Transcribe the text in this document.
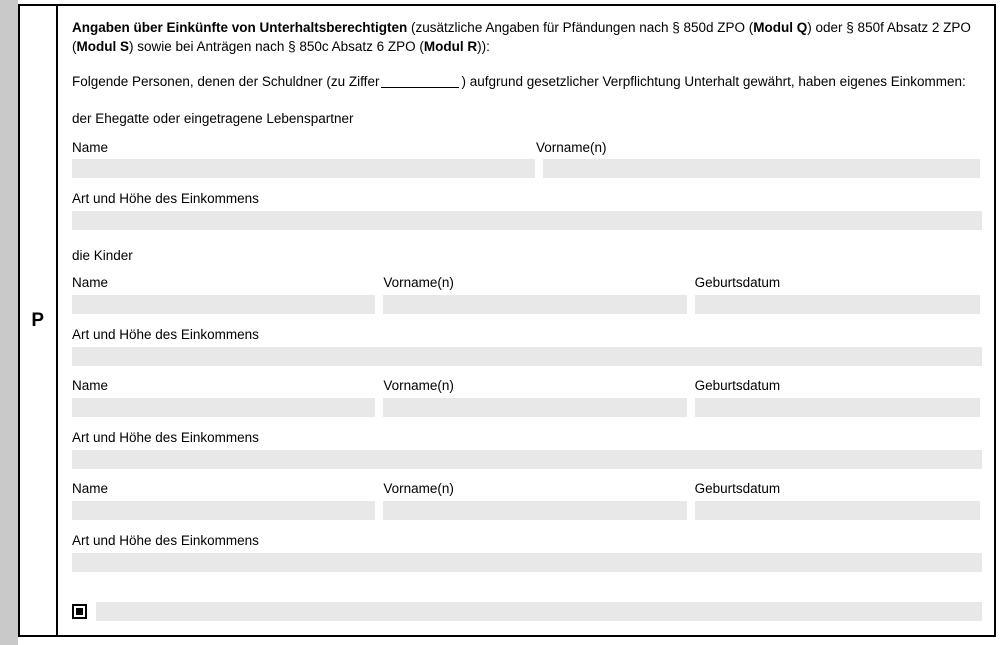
P

Angaben über Einkünfte von Unterhaltsberechtigten (zusätzliche Angaben für Pfändungen nach § 850d ZPO (Modul Q) oder § 850f Absatz 2 ZPO (Modul S) sowie bei Anträgen nach § 850c Absatz 6 ZPO (Modul R)):

Folgende Personen, denen der Schuldner (zu Ziffer	) aufgrund gesetzlicher Verpflichtung Unterhalt gewährt, haben eigenes Einkommen:

der Ehegatte oder eingetragene Lebenspartner

Name	Vorname(n)
Art und Höhe des Einkommens

die Kinder

Name	Vorname(n)	Geburtsdatum
Art und Höhe des Einkommens
Name	Vorname(n)	Geburtsdatum
Art und Höhe des Einkommens
Name	Vorname(n)	Geburtsdatum
Art und Höhe des Einkommens
